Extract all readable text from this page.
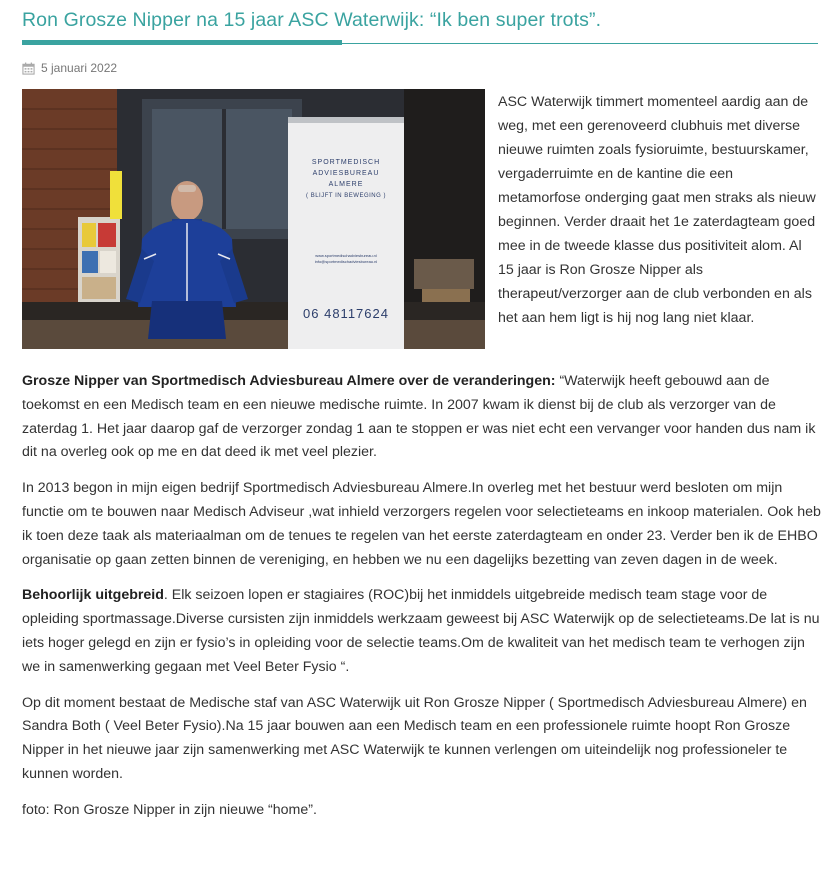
Ron Grosze Nipper na 15 jaar ASC Waterwijk: “Ik ben super trots”.
5 januari 2022
SPORTMEDISCH
ADVIESBUREAU
ALMERE
( BLIJFT IN BEWEGING )
www.sportmedischadviesbureau.nl
info@sportmedischadviesbureau.nl
06 48117624

ASC Waterwijk timmert momenteel aardig aan de weg, met een gerenoveerd clubhuis met diverse nieuwe ruimten zoals fysioruimte, bestuurskamer, vergaderruimte en de kantine die een metamorfose onderging gaat men straks als nieuw beginnen. Verder draait het 1e zaterdagteam goed mee in de tweede klasse dus positiviteit alom. Al 15 jaar is Ron Grosze Nipper als therapeut/verzorger aan de club verbonden en als het aan hem ligt is hij nog lang niet klaar.

Grosze Nipper van Sportmedisch Adviesbureau Almere over de veranderingen: “Waterwijk heeft gebouwd aan de toekomst en een Medisch team en een nieuwe medische ruimte. In 2007 kwam ik dienst bij de club als verzorger van de zaterdag 1. Het jaar daarop gaf de verzorger zondag 1 aan te stoppen er was niet echt een vervanger voor handen dus nam ik dit na overleg ook op me en dat deed ik met veel plezier.

In 2013 begon in mijn eigen bedrijf Sportmedisch Adviesbureau Almere.In overleg met het bestuur werd besloten om mijn functie om te bouwen naar Medisch Adviseur ,wat inhield verzorgers regelen voor selectieteams en inkoop materialen. Ook heb ik toen deze taak als materiaalman om de tenues te regelen van het eerste zaterdagteam en onder 23. Verder ben ik de EHBO organisatie op gaan zetten binnen de vereniging, en hebben we nu een dagelijks bezetting van zeven dagen in de week.

Behoorlijk uitgebreid. Elk seizoen lopen er stagiaires (ROC)bij het inmiddels uitgebreide medisch team stage voor de opleiding sportmassage.Diverse cursisten zijn inmiddels werkzaam geweest bij ASC Waterwijk op de selectieteams.De lat is nu iets hoger gelegd en zijn er fysio’s in opleiding voor de selectie teams.Om de kwaliteit van het medisch team te verhogen zijn we in samenwerking gegaan met Veel Beter Fysio “.

Op dit moment bestaat de Medische staf van ASC Waterwijk uit Ron Grosze Nipper ( Sportmedisch Adviesbureau Almere) en Sandra Both ( Veel Beter Fysio).Na 15 jaar bouwen aan een Medisch team en een professionele ruimte hoopt Ron Grosze Nipper in het nieuwe jaar zijn samenwerking met ASC Waterwijk te kunnen verlengen om uiteindelijk nog professioneler te kunnen worden.

foto: Ron Grosze Nipper in zijn nieuwe “home”.
